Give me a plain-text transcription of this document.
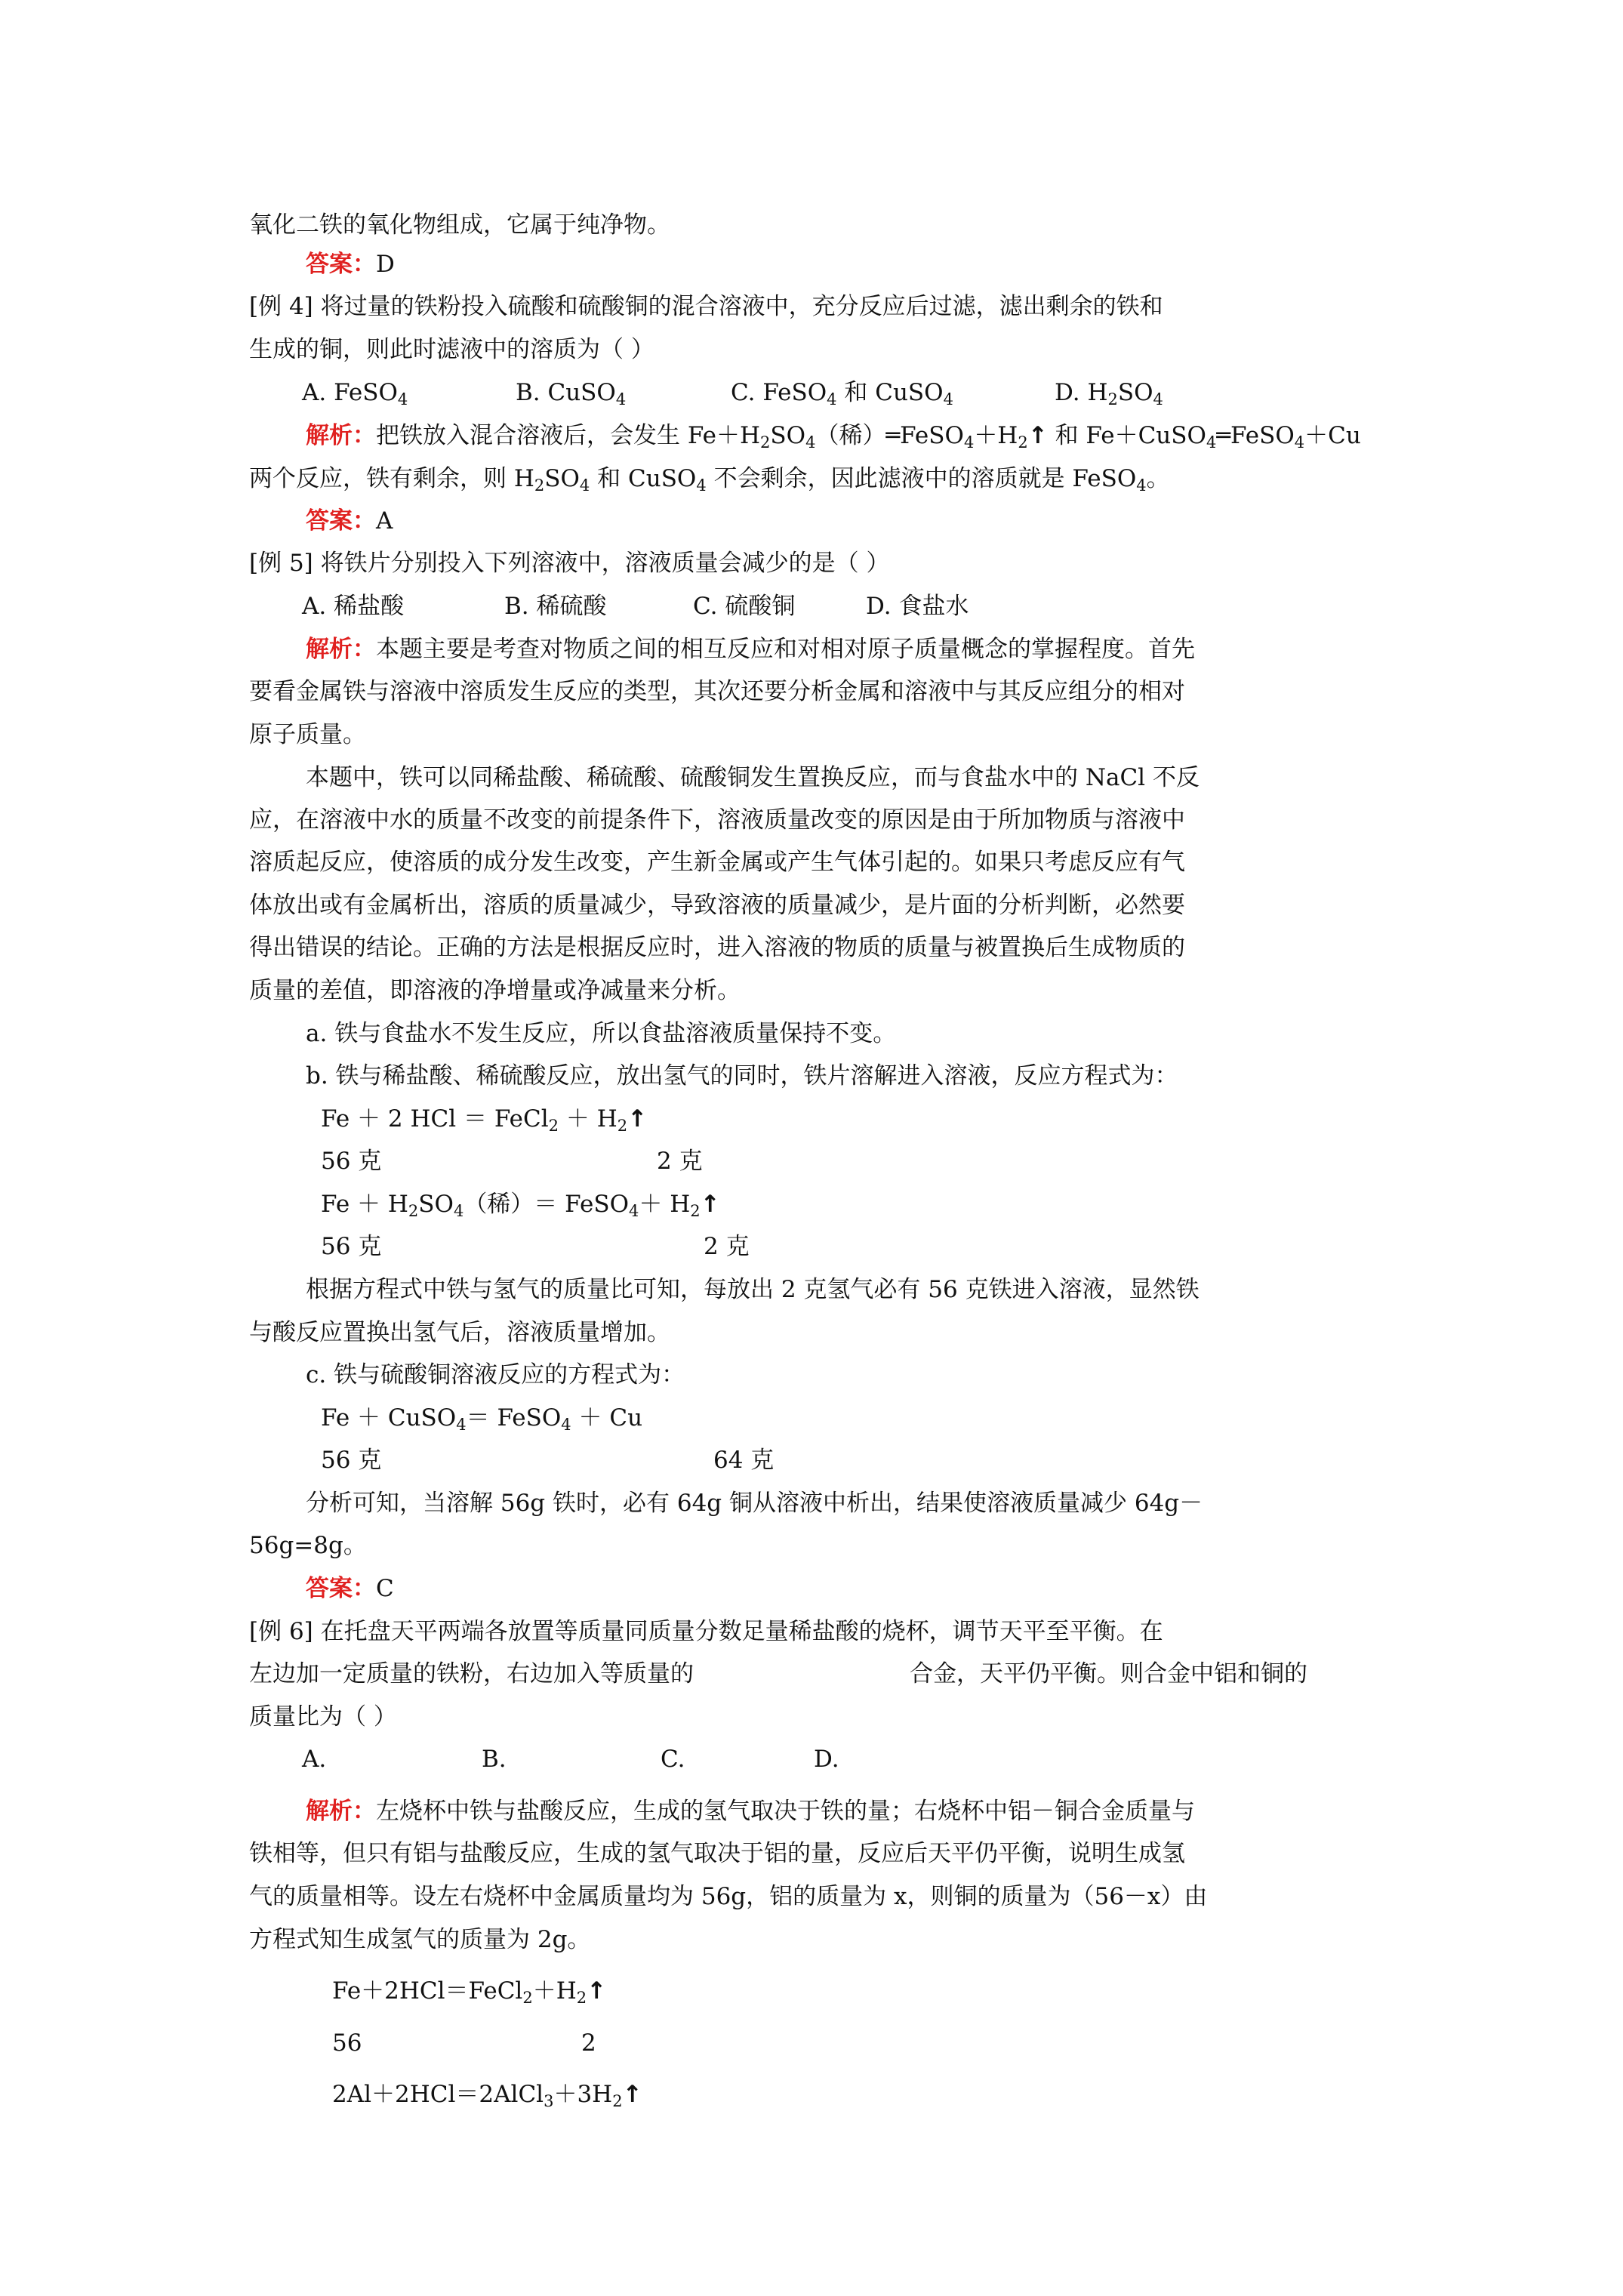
氧化二铁的氧化物组成，它属于纯净物。
答案：D
[例 4] 将过量的铁粉投入硫酸和硫酸铜的混合溶液中，充分反应后过滤，滤出剩余的铁和
生成的铜，则此时滤液中的溶质为（ ）
A. FeSO$_4$	B. CuSO$_4$	C. FeSO$_4$ 和 CuSO$_4$	D. $H_2SO_4$
解析：把铁放入混合溶液后，会发生 $Fe+H_2SO_4$（稀）$═FeSO_4+H_2↑$ 和 Fe＋CuSO$_4$═FeSO$_4$＋Cu
两个反应，铁有剩余，则 $H_2SO_4$ 和 CuSO$_4$ 不会剩余，因此滤液中的溶质就是 FeSO$_4$。
答案：A
[例 5] 将铁片分别投入下列溶液中，溶液质量会减少的是（ ）
A. 稀盐酸	B. 稀硫酸	C. 硫酸铜	D. 食盐水
解析：本题主要是考查对物质之间的相互反应和对相对原子质量概念的掌握程度。首先
要看金属铁与溶液中溶质发生反应的类型，其次还要分析金属和溶液中与其反应组分的相对
原子质量。
本题中，铁可以同稀盐酸、稀硫酸、硫酸铜发生置换反应，而与食盐水中的 NaCl 不反
应，在溶液中水的质量不改变的前提条件下，溶液质量改变的原因是由于所加物质与溶液中
溶质起反应，使溶质的成分发生改变，产生新金属或产生气体引起的。如果只考虑反应有气
体放出或有金属析出，溶质的质量减少，导致溶液的质量减少，是片面的分析判断，必然要
得出错误的结论。正确的方法是根据反应时，进入溶液的物质的质量与被置换后生成物质的
质量的差值，即溶液的净增量或净减量来分析。
a. 铁与食盐水不发生反应，所以食盐溶液质量保持不变。
b. 铁与稀盐酸、稀硫酸反应，放出氢气的同时，铁片溶解进入溶液，反应方程式为：
Fe ＋ 2 HCl ＝ FeCl$_2$ ＋ $H_2↑$
56 克	2 克
$Fe + H_2SO_4$（稀）＝ FeSO$_4$＋ $H_2↑$
56 克	2 克
根据方程式中铁与氢气的质量比可知，每放出 2 克氢气必有 56 克铁进入溶液，显然铁
与酸反应置换出氢气后，溶液质量增加。
c. 铁与硫酸铜溶液反应的方程式为：
Fe ＋ CuSO$_4$＝ FeSO$_4$ ＋ Cu
56 克	64 克
分析可知，当溶解 56g 铁时，必有 64g 铜从溶液中析出，结果使溶液质量减少 64g－
56g=8g。
答案：C
[例 6] 在托盘天平两端各放置等质量同质量分数足量稀盐酸的烧杯，调节天平至平衡。在
左边加一定质量的铁粉，右边加入等质量的	合金，天平仍平衡。则合金中铝和铜的
质量比为（ ）
A.	B.	C.	D.
解析：左烧杯中铁与盐酸反应，生成的氢气取决于铁的量；右烧杯中铝－铜合金质量与
铁相等，但只有铝与盐酸反应，生成的氢气取决于铝的量，反应后天平仍平衡，说明生成氢
气的质量相等。设左右烧杯中金属质量均为 56g，铝的质量为 x，则铜的质量为（56－x）由
方程式知生成氢气的质量为 2g。
$Fe+2HCl=FeCl_2+H_2↑$
56	2
$2Al+2HCl=2AlCl_3+3H_2↑$
